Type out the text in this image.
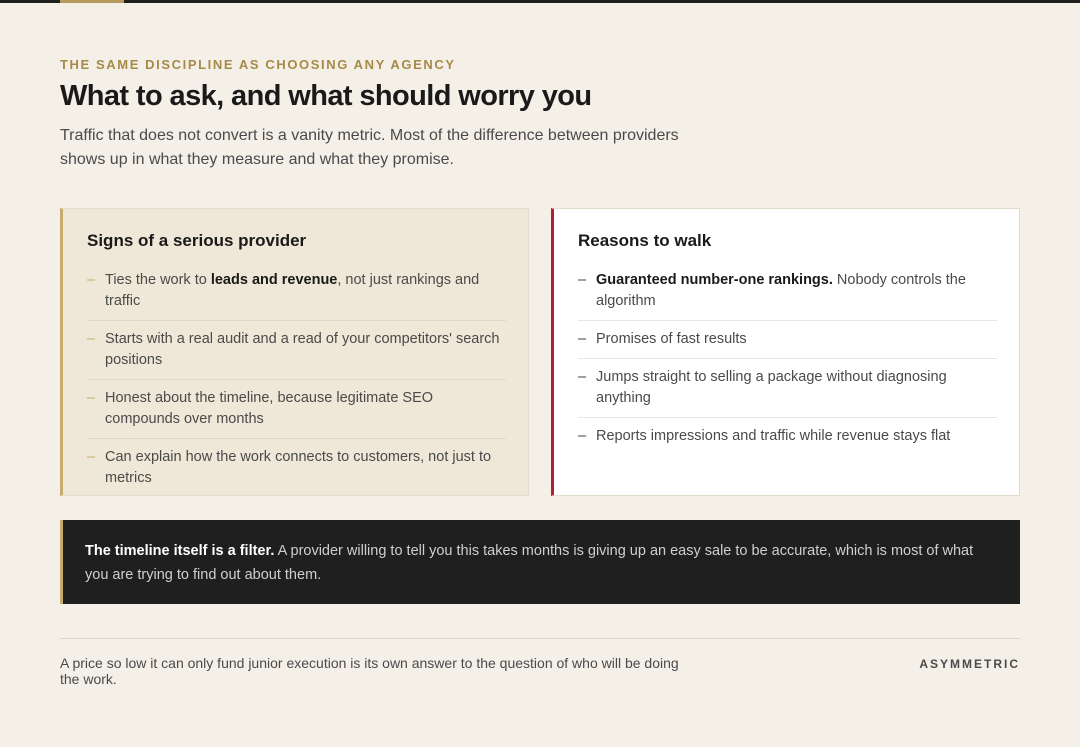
THE SAME DISCIPLINE AS CHOOSING ANY AGENCY
What to ask, and what should worry you

Traffic that does not convert is a vanity metric. Most of the difference between providers shows up in what they measure and what they promise.

Signs of a serious provider
– Ties the work to leads and revenue, not just rankings and traffic
– Starts with a real audit and a read of your competitors' search positions
– Honest about the timeline, because legitimate SEO compounds over months
– Can explain how the work connects to customers, not just to metrics
Reasons to walk
– Guaranteed number-one rankings. Nobody controls the algorithm
– Promises of fast results
– Jumps straight to selling a package without diagnosing anything
– Reports impressions and traffic while revenue stays flat
The timeline itself is a filter. A provider willing to tell you this takes months is giving up an easy sale to be accurate, which is most of what you are trying to find out about them.

A price so low it can only fund junior execution is its own answer to the question of who will be doing the work.

ASYMMETRIC
